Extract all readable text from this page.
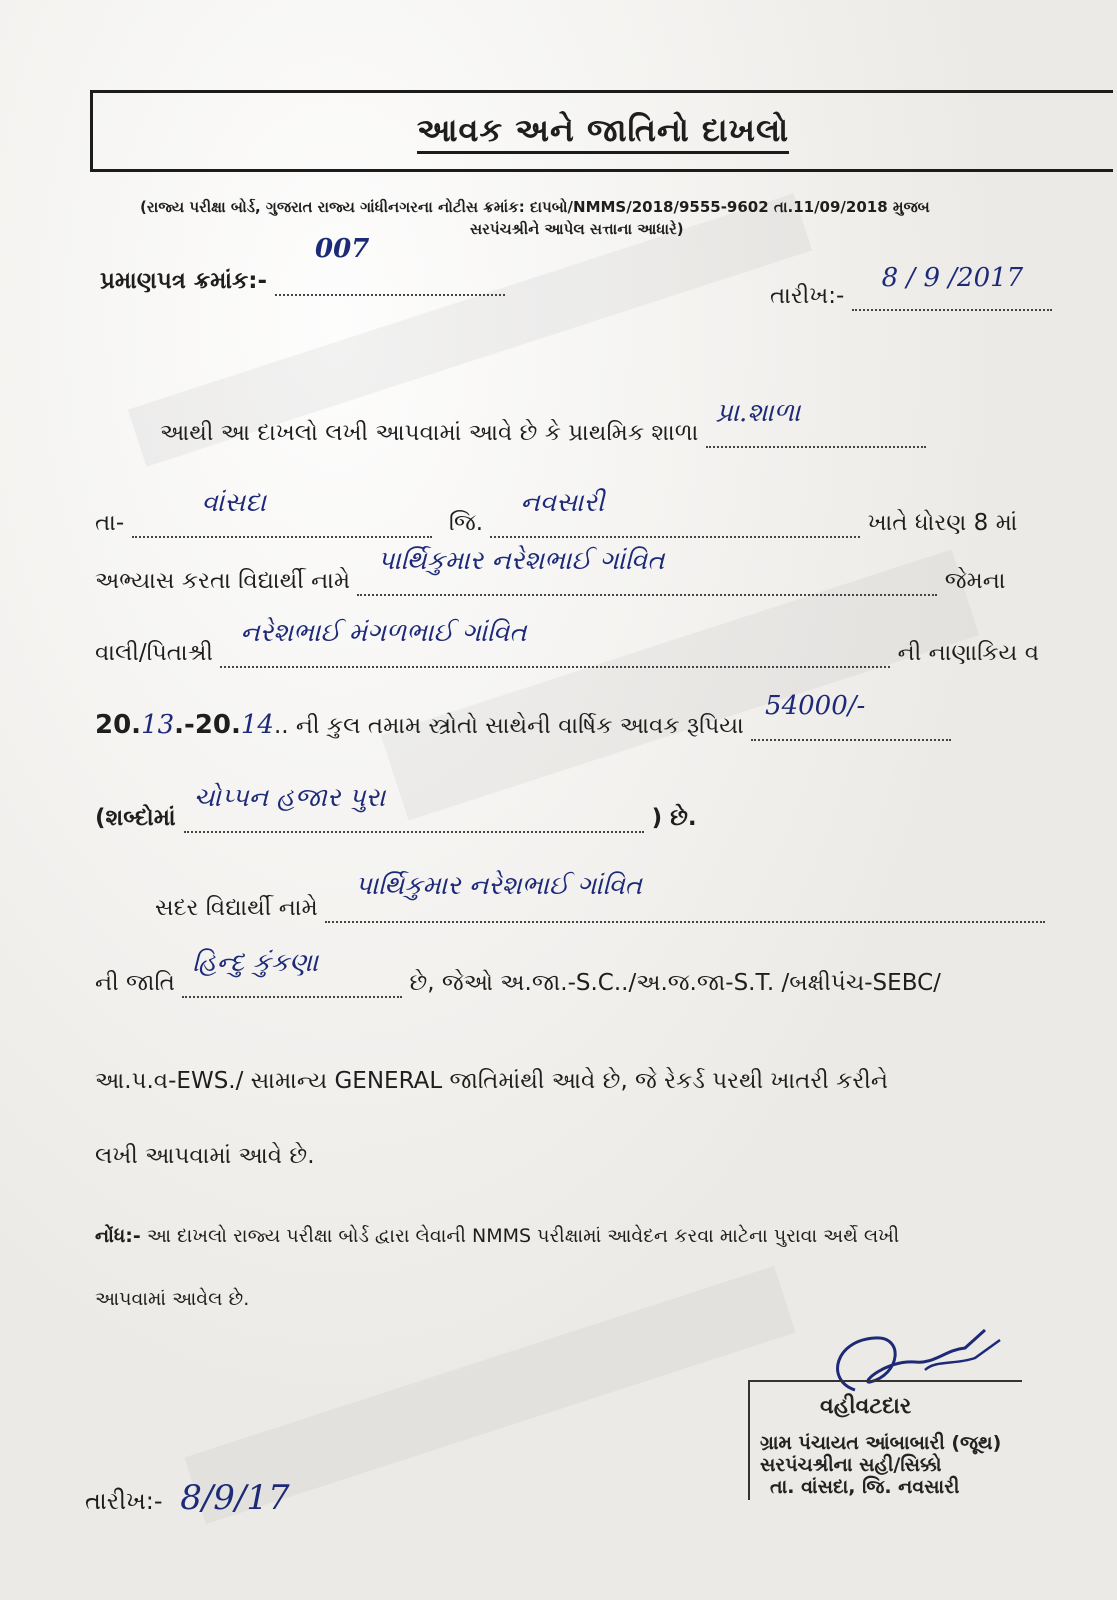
આવક અને જાતિનો દાખલો
(રાજ્ય પરીક્ષા બોર્ડ, ગુજરાત રાજ્ય ગાંધીનગરના નોટીસ ક્રમાંક: દાપબો/NMMS/2018/9555-9602 તા.11/09/2018 મુજબ
સરપંચશ્રીને આપેલ સત્તાના આધારે)
પ્રમાણપત્ર ક્રમાંક:-
007

તારીખ:-
8 / 9 /2017

આથી આ દાખલો લખી આપવામાં આવે છે કે પ્રાથમિક શાળા
પ્રા.શાળા

તા-
વાંસદા
જિ.
નવસારી
ખાતે ધોરણ 8 માં
અભ્યાસ કરતા વિદ્યાર્થી નામે
પાર્થિકુમાર નરેશભાઈ ગાંવિત
જેમના
વાલી/પિતાશ્રી
નરેશભાઈ મંગળભાઈ ગાંવિત
ની નાણાકિય વ
20.13.-20.14.. ની કુલ તમામ સ્ત્રોતો સાથેની વાર્ષિક આવક રૂપિયા
54000/-

(શબ્દોમાં
ચોપ્પન હજાર પુરા
) છે.
સદર વિદ્યાર્થી નામે
પાર્થિકુમાર નરેશભાઈ ગાંવિત

ની જાતિ
હિન્દુ કુંકણા
છે, જેઓ અ.જા.-S.C../અ.જ.જા-S.T. /બક્ષીપંચ-SEBC/
આ.પ.વ-EWS./ સામાન્ય GENERAL જાતિમાંથી આવે છે, જે રેકર્ડ પરથી ખાતરી કરીને
લખી આપવામાં આવે છે.
નોંધ:- આ દાખલો રાજ્ય પરીક્ષા બોર્ડ દ્વારા લેવાની NMMS પરીક્ષામાં આવેદન કરવા માટેના પુરાવા અર્થે લખી
આપવામાં આવેલ છે.
તારીખ:- 8/9/17
વહીવટદાર
ગ્રામ પંચાયત આંબાબારી (જૂથ)
સરપંચશ્રીના સહી/સિક્કો
તા. વાંસદા, જિ. નવસારી
